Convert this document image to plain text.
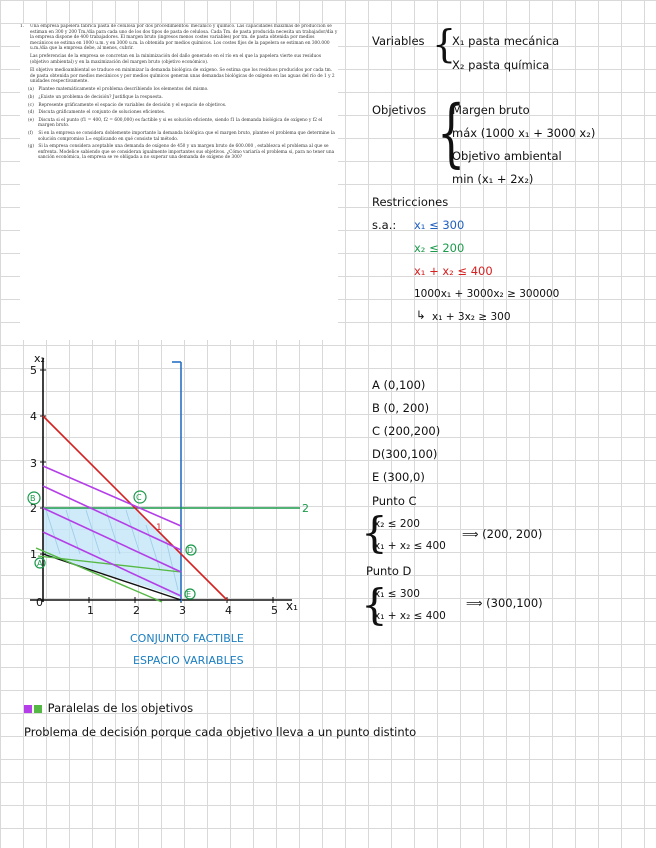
1.	Una empresa papelera fabrica pasta de celulosa por dos procedimientos: mecánico y químico. Las capacidades máximas de producción se estiman en 300 y 200 Tm./día para cada uno de los dos tipos de pasta de celulosa. Cada Tm. de pasta producida necesita un trabajador/día y la empresa dispone de 400 trabajadores. El margen bruto (ingresos menos costes variables) por tm. de pasta obtenida por medios mecánicos se estima en 1000 u.m. y en 3000 u.m. la obtenida por medios químicos. Los costes fijos de la papelera se estiman en 300.000 u.m./día que la empresa debe, al menos, cubrir.

Las preferencias de la empresa se concretan en la minimización del daño generado en el río en el que la papelera vierte sus residuos (objetivo ambiental) y en la maximización del margen bruto (objetivo económico).

El objetivo medioambiental se traduce en minimizar la demanda biológica de oxígeno. Se estima que los residuos producidos por cada tm. de pasta obtenida por medios mecánicos y por medios químicos generan unas demandas biológicas de oxígeno en las aguas del río de 1 y 2 unidades respectivamente.

(a) Plantee matemáticamente el problema describiendo los elementos del mismo.
(b) ¿Existe un problema de decisión? Justifique la respuesta.
(c) Represente gráficamente el espacio de variables de decisión y el espacio de objetivos.
(d) Discuta gráficamente el conjunto de soluciones eficientes.
(e) Discuta si el punto (f1 = 400, f2 = 600,000) es factible y si es solución eficiente, siendo f1 la demanda biológica de oxígeno y f2 el margen bruto.
(f) Si en la empresa se considera doblemente importante la demanda biológica que el margen bruto, plantee el problema que determine la solución compromiso L∞ explicando en qué consiste tal método.
(g) Si la empresa considera aceptable una demanda de oxígeno de 450 y un margen bruto de 600.000 , establezca el problema al que se enfrenta. Modelice sabiendo que se consideran igualmente importantes sus objetivos. ¿Cómo variaría el problema si, para no tener una sanción económica, la empresa se ve obligada a no superar una demanda de oxígeno de 300?
Variables {
X₁ pasta mecánica
X₂ pasta química
Objetivos {
Margen bruto
máx (1000 x₁ + 3000 x₂)
Objetivo ambiental
min (x₁ + 2x₂)
Restricciones
s.a.: x₁ ≤ 300
x₂ ≤ 200
x₁ + x₂ ≤ 400
1000x₁ + 3000x₂ ≥ 300000
↳ x₁ + 3x₂ ≥ 300
A (0,100)
B (0, 200)
C (200,200)
D(300,100)
E (300,0)
Punto C
{
x₂ ≤ 200
x₁ + x₂ ≤ 400
⟹ (200, 200)
Punto D
{
x₁ ≤ 300
x₁ + x₂ ≤ 400
⟹ (300,100)
x₂
x₁
0
1
2
3
4
5
1	2	3	4	5
2
1
A
B	C
D
E
CONJUNTO FACTIBLE
ESPACIO VARIABLES
Paralelas de los objetivos
Problema de decisión porque cada objetivo lleva a un punto distinto
